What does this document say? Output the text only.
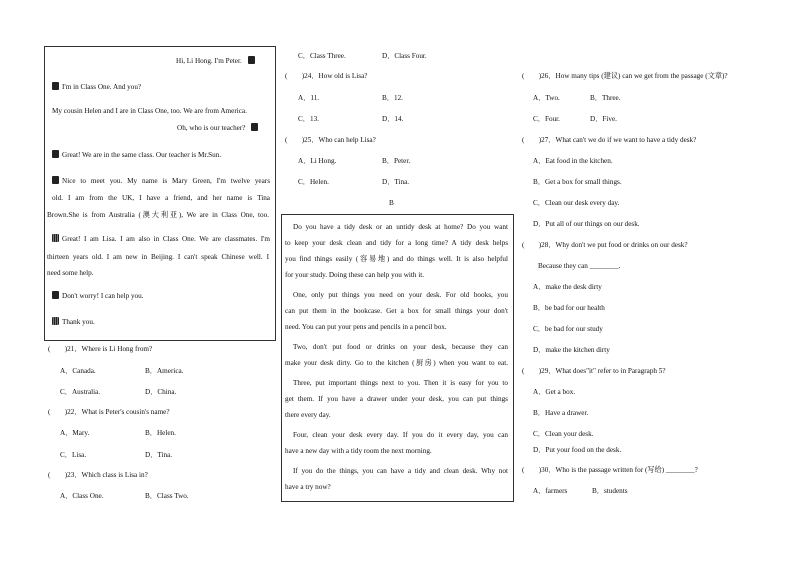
Hi, Li Hong. I'm Peter.
I'm in Class One. And you?
My cousin Helen and I are in Class One, too. We are from America.
Oh, who is our teacher?
Great! We are in the same class. Our teacher is Mr.Sun.
Nice to meet you. My name is Mary Green, I'm twelve years
old. I am from the UK, I have a friend, and her name is Tina
Brown.She is from Australia (澳大利亚), We are in Class One, too.
Great! I am Lisa. I am also in Class One. We are classmates. I'm
thirteen years old. I am new in Beijing. I can't speak Chinese well. I
need some help.
Don't worry! I can help you.
Thank you.
(　　)21．Where is Li Hong from?
A．Canada.	B．America.
C．Australia.	D．China.
(　　)22．What is Peter's cousin's name?
A．Mary.	B．Helen.
C．Lisa.	D．Tina.
(　　)23．Which class is Lisa in?
A．Class One.	B．Class Two.
C．Class Three.	D．Class Four.
(　　)24．How old is Lisa?
A．11.	B．12.
C．13.	D．14.
(　　)25．Who can help Lisa?
A．Li Hong.	B．Peter.
C．Helen.	D．Tina.
B
Do you have a tidy desk or an untidy desk at home? Do you want
to keep your desk clean and tidy for a long time? A tidy desk helps
you find things easily (容易地) and do things well. It is also helpful
for your study. Doing these can help you with it.
One, only put things you need on your desk. For old books, you
can put them in the bookcase. Get a box for small things your don't
need. You can put your pens and pencils in a pencil box.
Two, don't put food or drinks on your desk, because they can
make your desk dirty. Go to the kitchen (厨房) when you want to eat.
Three, put important things next to you. Then it is easy for you to
get them. If you have a drawer under your desk, you can put things
there every day.
Four, clean your desk every day. If you do it every day, you can
have a new day with a tidy room the next morning.
If you do the things, you can have a tidy and clean desk. Why not
have a try now?
(　　)26．How many tips (建议) can we get from the passage (文章)?
A．Two.	B．Three.
C．Four.	D．Five.
(　　)27．What can't we do if we want to have a tidy desk?
A．Eat food in the kitchen.
B．Get a box for small things.
C．Clean our desk every day.
D．Put all of our things on our desk.
(　　)28．Why don't we put food or drinks on our desk?
Because they can ________.
A．make the desk dirty
B．be bad for our health
C．be bad for our study
D．make the kitchen dirty
(　　)29．What does"it" refer to in Paragraph 5?
A．Get a box.
B．Have a drawer.
C．Clean your desk.
D．Put your food on the desk.
(　　)30．Who is the passage written for (写给) ________?
A．farmers	B．students
